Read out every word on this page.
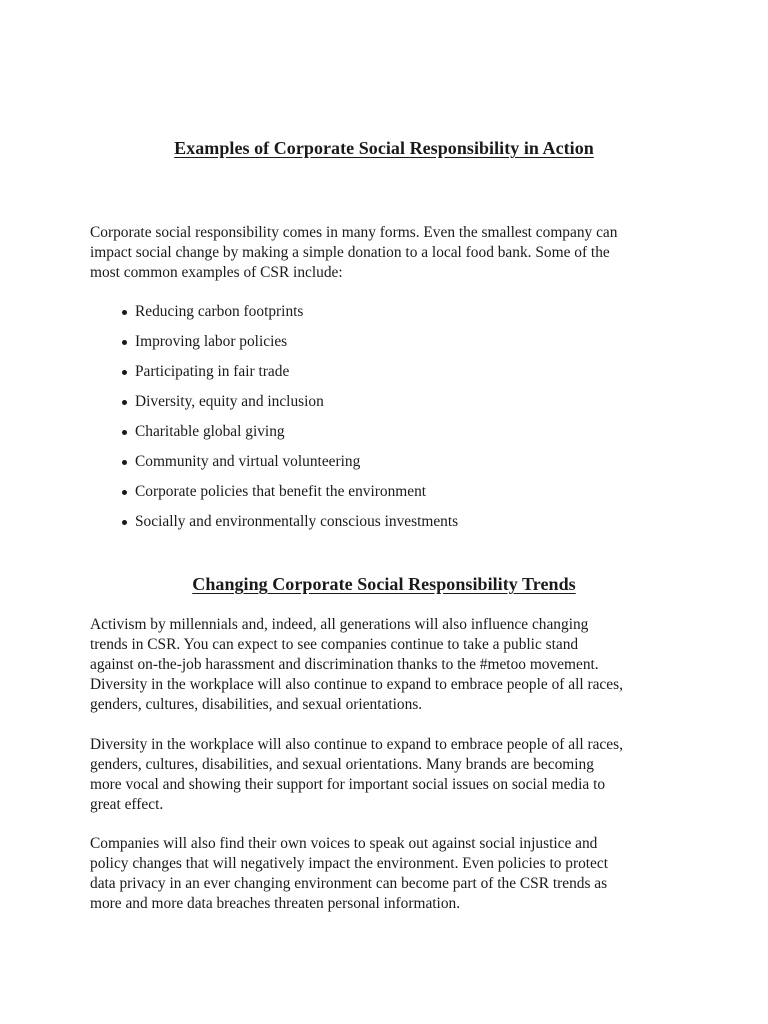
Examples of Corporate Social Responsibility in Action

Corporate social responsibility comes in many forms. Even the smallest company can
impact social change by making a simple donation to a local food bank. Some of the
most common examples of CSR include:

Reducing carbon footprints
Improving labor policies
Participating in fair trade
Diversity, equity and inclusion
Charitable global giving
Community and virtual volunteering
Corporate policies that benefit the environment
Socially and environmentally conscious investments
Changing Corporate Social Responsibility Trends

Activism by millennials and, indeed, all generations will also influence changing
trends in CSR. You can expect to see companies continue to take a public stand
against on-the-job harassment and discrimination thanks to the #metoo movement.
Diversity in the workplace will also continue to expand to embrace people of all races,
genders, cultures, disabilities, and sexual orientations.

Diversity in the workplace will also continue to expand to embrace people of all races,
genders, cultures, disabilities, and sexual orientations. Many brands are becoming
more vocal and showing their support for important social issues on social media to
great effect.

Companies will also find their own voices to speak out against social injustice and
policy changes that will negatively impact the environment. Even policies to protect
data privacy in an ever changing environment can become part of the CSR trends as
more and more data breaches threaten personal information.
